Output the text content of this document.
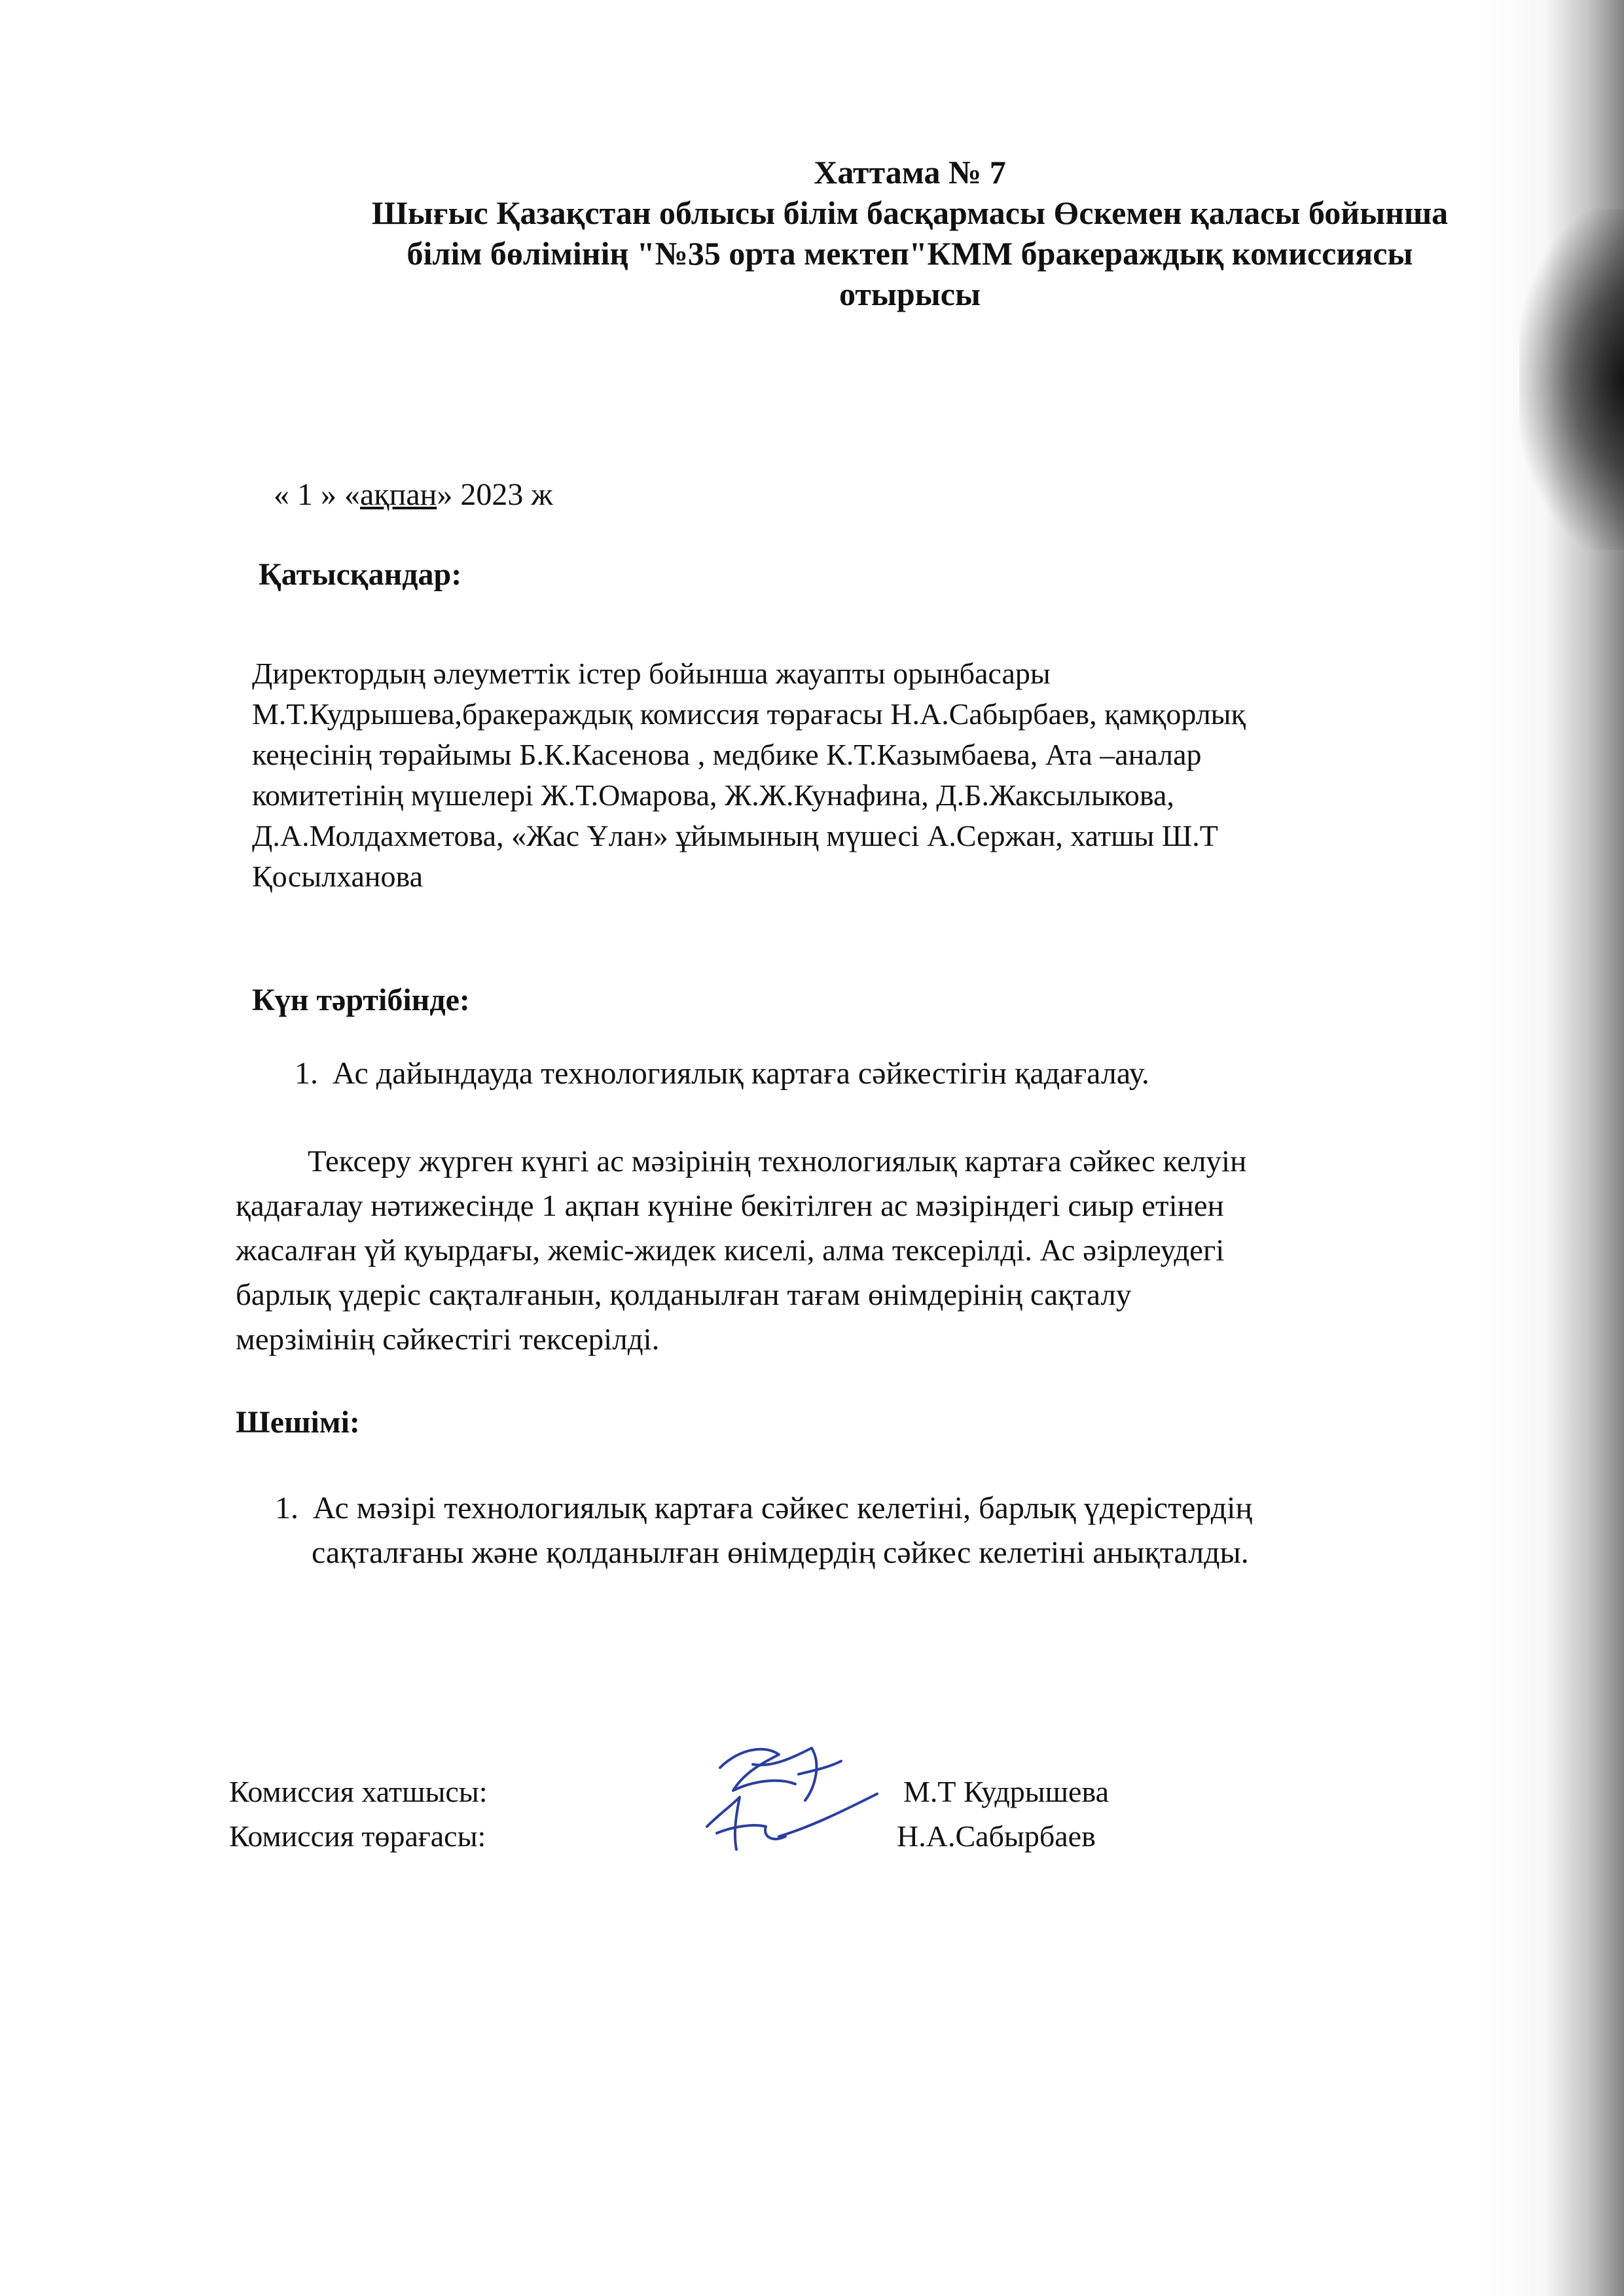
Хаттама № 7
Шығыс Қазақстан облысы білім басқармасы Өскемен қаласы бойынша
білім бөлімінің "№35 орта мектеп"КММ бракераждық комиссиясы
отырысы
« 1 » «ақпан» 2023 ж
Қатысқандар:
Директордың әлеуметтік істер бойынша жауапты орынбасары
М.Т.Кудрышева,бракераждық комиссия төрағасы Н.А.Сабырбаев, қамқорлық
кеңесінің төрайымы Б.К.Касенова , медбике К.Т.Казымбаева, Ата –аналар
комитетінің мүшелері Ж.Т.Омарова, Ж.Ж.Кунафина, Д.Б.Жаксылыкова,
Д.А.Молдахметова, «Жас Ұлан» ұйымының мүшесі А.Сержан, хатшы Ш.Т
Қосылханова
Күн тәртібінде:
1. Ас дайындауда технологиялық картаға сәйкестігін қадағалау.
Тексеру жүрген күнгі ас мәзірінің технологиялық картаға сәйкес келуін
қадағалау нәтижесінде 1 ақпан күніне бекітілген ас мәзіріндегі сиыр етінен
жасалған үй қуырдағы, жеміс-жидек киселі, алма тексерілді. Ас әзірлеудегі
барлық үдеріс сақталғанын, қолданылған тағам өнімдерінің сақталу
мерзімінің сәйкестігі тексерілді.
Шешімі:
1. Ас мәзірі технологиялық картаға сәйкес келетіні, барлық үдерістердің
сақталғаны және қолданылған өнімдердің сәйкес келетіні анықталды.
Комиссия хатшысы:	М.Т Кудрышева
Комиссия төрағасы:	Н.А.Сабырбаев
